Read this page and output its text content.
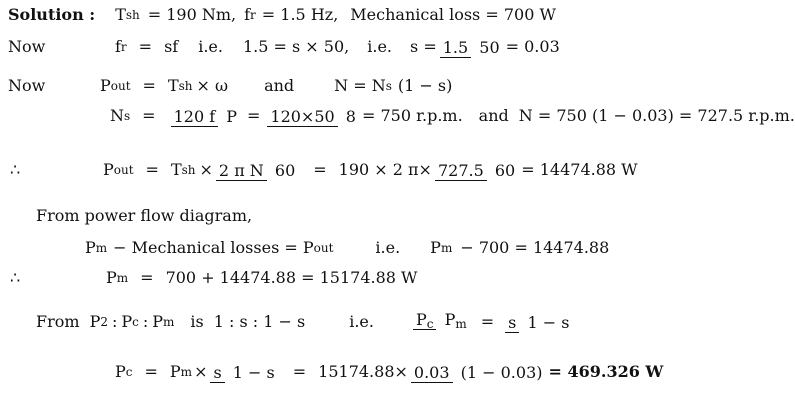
Solution : T sh = 190 Nm, f r = 1.5 Hz, Mechanical loss = 700 W
Now	f r = sf i.e. 1.5 = s × 50, i.e. s = 1.5 50 = 0.03
Now	P out = T sh × ω and	N = N s (1 − s)
N s = 120 f P = 120×50 8 = 750 r.p.m. and N = 750 (1 − 0.03) = 727.5 r.p.m.
∴	P out = T sh × 2 π N 60 = 190 × 2 π× 727.5 60 = 14474.88 W
From power flow diagram,
P m − Mechanical losses = P out	i.e. P m − 700 = 14474.88
∴	P m = 700 + 14474.88 = 15174.88 W
From P 2 : P c : P m is 1 : s : 1 − s	i.e.	$P_c$ $P_m = s$ 1 − s
P c = P m × s 1 − s = 15174.88× 0.03 (1 − 0.03) = 469.326 W
